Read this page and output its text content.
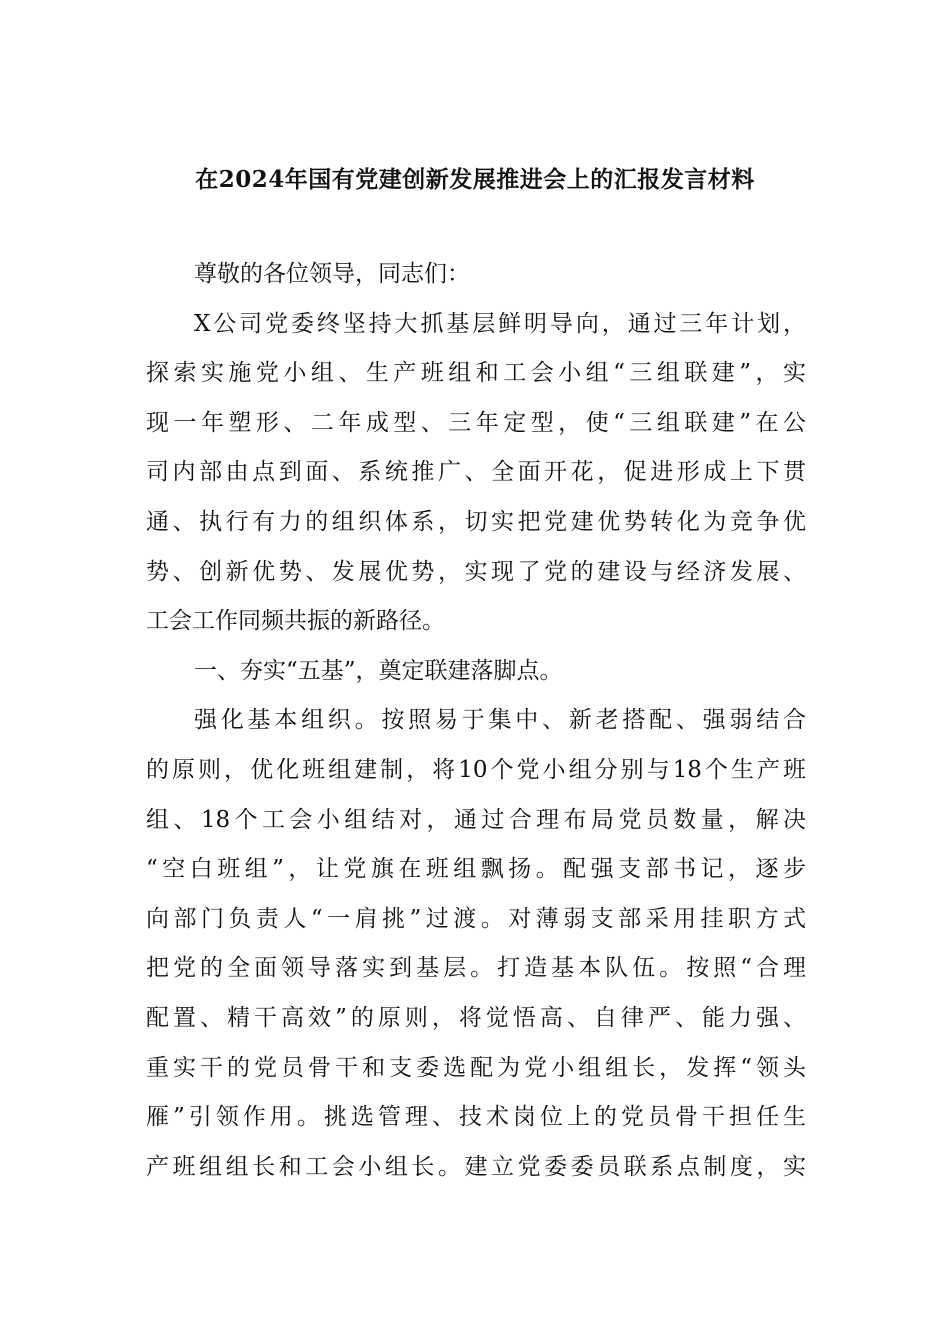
在2024年国有党建创新发展推进会上的汇报发言材料
尊敬的各位领导，同志们：
X公司党委终坚持大抓基层鲜明导向，通过三年计划，
探索实施党小组、生产班组和工会小组“三组联建”，实
现一年塑形、二年成型、三年定型，使“三组联建”在公
司内部由点到面、系统推广、全面开花，促进形成上下贯
通、执行有力的组织体系，切实把党建优势转化为竞争优
势、创新优势、发展优势，实现了党的建设与经济发展、
工会工作同频共振的新路径。
一、夯实“五基”，奠定联建落脚点。
强化基本组织。按照易于集中、新老搭配、强弱结合
的原则，优化班组建制，将10个党小组分别与18个生产班
组、18个工会小组结对，通过合理布局党员数量，解决
“空白班组”，让党旗在班组飘扬。配强支部书记，逐步
向部门负责人“一肩挑”过渡。对薄弱支部采用挂职方式
把党的全面领导落实到基层。打造基本队伍。按照“合理
配置、精干高效”的原则，将觉悟高、自律严、能力强、
重实干的党员骨干和支委选配为党小组组长，发挥“领头
雁”引领作用。挑选管理、技术岗位上的党员骨干担任生
产班组组长和工会小组长。建立党委委员联系点制度，实
